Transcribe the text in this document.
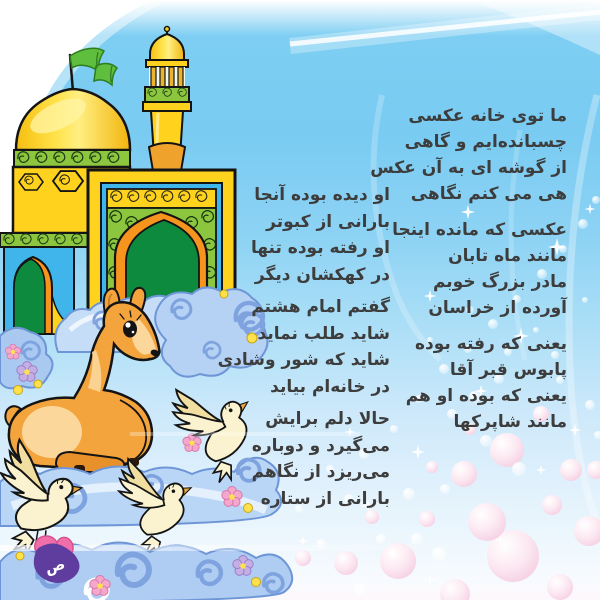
ص
ما توی خانه عکسی
چسبانده‌ایم و گاهی
از گوشه ای به آن عکس
هی می کنم نگاهی
عکسی که مانده اینجا
مانند ماه تابان
مادر بزرگ خوبم
آورده از خراسان
یعنی که رفته بوده
پابوس قبر آقا
یعنی که بوده او هم
مانند شاپرکها
او دیده بوده آنجا
بارانی از کبوتر
او رفته بوده تنها
در کهکشان دیگر
گفتم امام هشتم
شاید طلب نماید
شاید که شور وشادی
در خانه‌ام بیاید
حالا دلم برایش
می‌گیرد و دوباره
می‌ریزد از نگاهم
بارانی از ستاره
